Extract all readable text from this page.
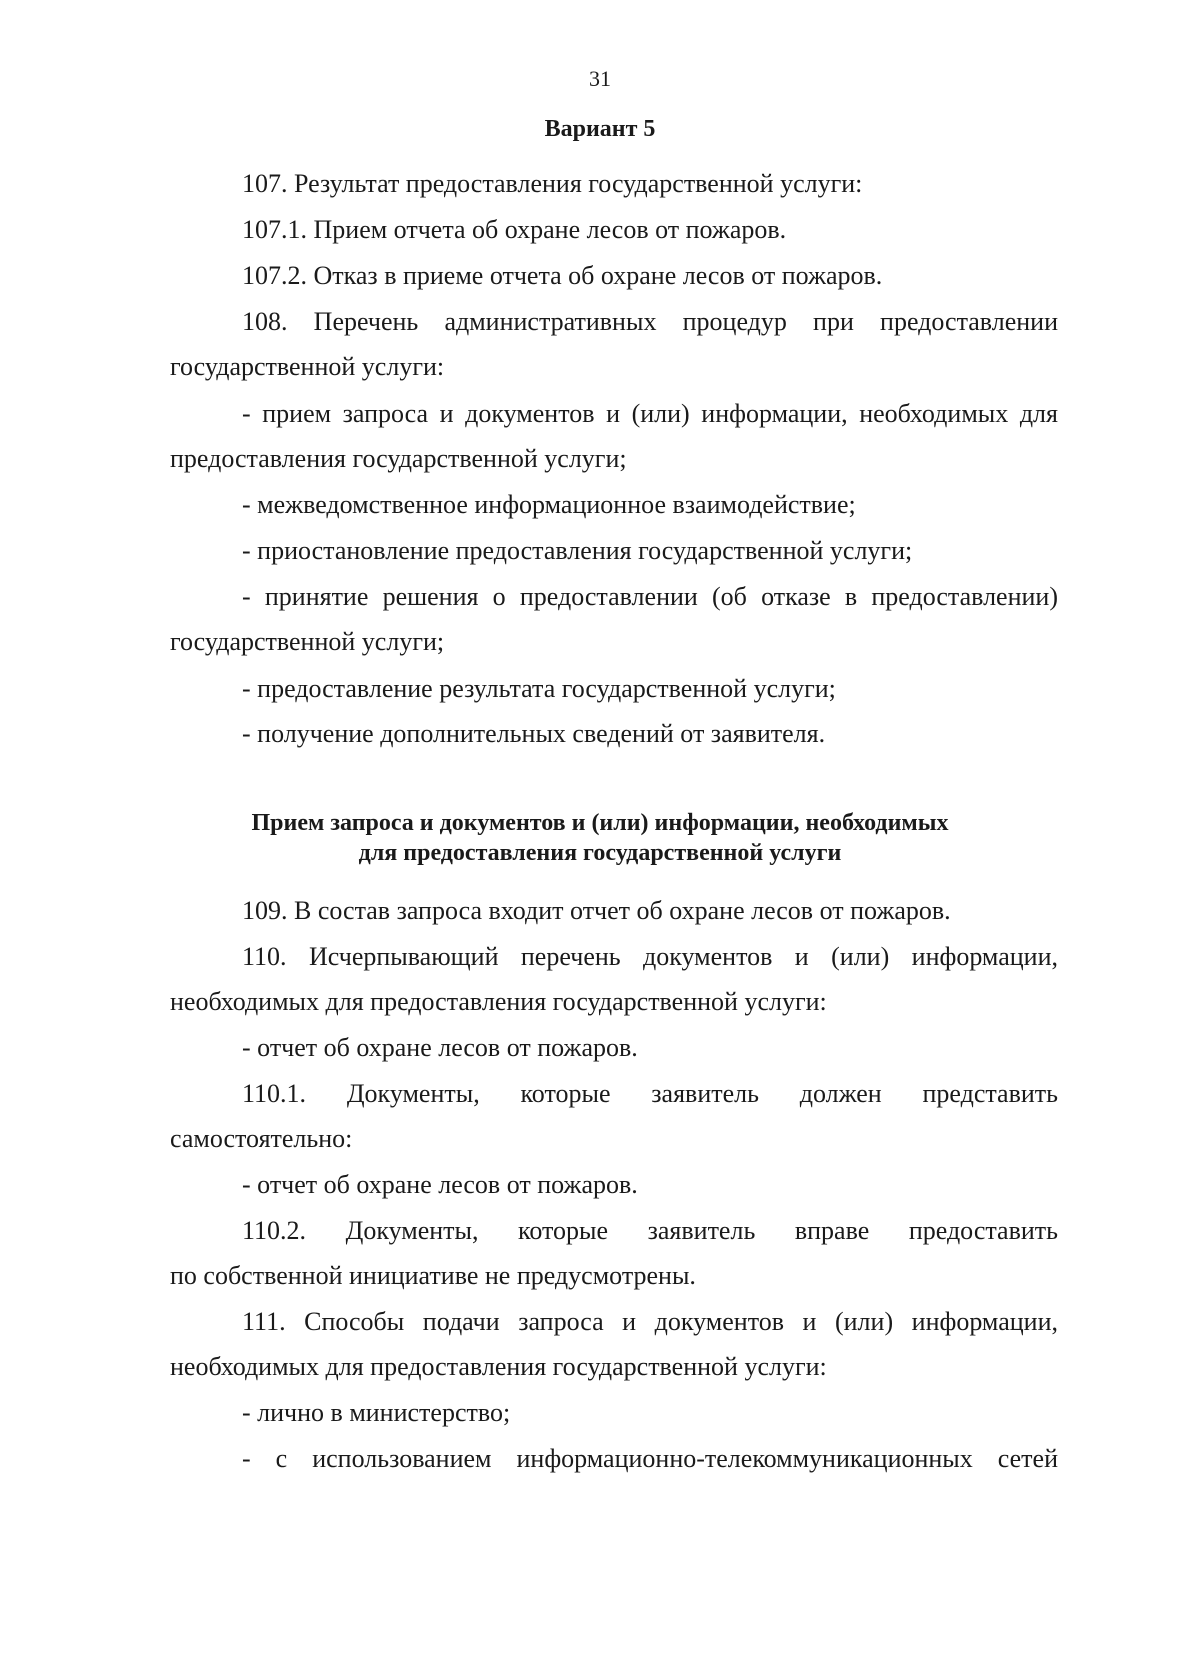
31
Вариант 5
107. Результат предоставления государственной услуги:
107.1. Прием отчета об охране лесов от пожаров.
107.2. Отказ в приеме отчета об охране лесов от пожаров.
108. Перечень административных процедур при предоставлении
государственной услуги:
- прием запроса и документов и (или) информации, необходимых для
предоставления государственной услуги;
- межведомственное информационное взаимодействие;
- приостановление предоставления государственной услуги;
- принятие решения о предоставлении (об отказе в предоставлении)
государственной услуги;
- предоставление результата государственной услуги;
- получение дополнительных сведений от заявителя.
Прием запроса и документов и (или) информации, необходимых
для предоставления государственной услуги
109. В состав запроса входит отчет об охране лесов от пожаров.
110. Исчерпывающий перечень документов и (или) информации,
необходимых для предоставления государственной услуги:
- отчет об охране лесов от пожаров.
110.1. Документы, которые заявитель должен представить
самостоятельно:
- отчет об охране лесов от пожаров.
110.2. Документы, которые заявитель вправе предоставить
по собственной инициативе не предусмотрены.
111. Способы подачи запроса и документов и (или) информации,
необходимых для предоставления государственной услуги:
- лично в министерство;
- с использованием информационно-телекоммуникационных сетей
